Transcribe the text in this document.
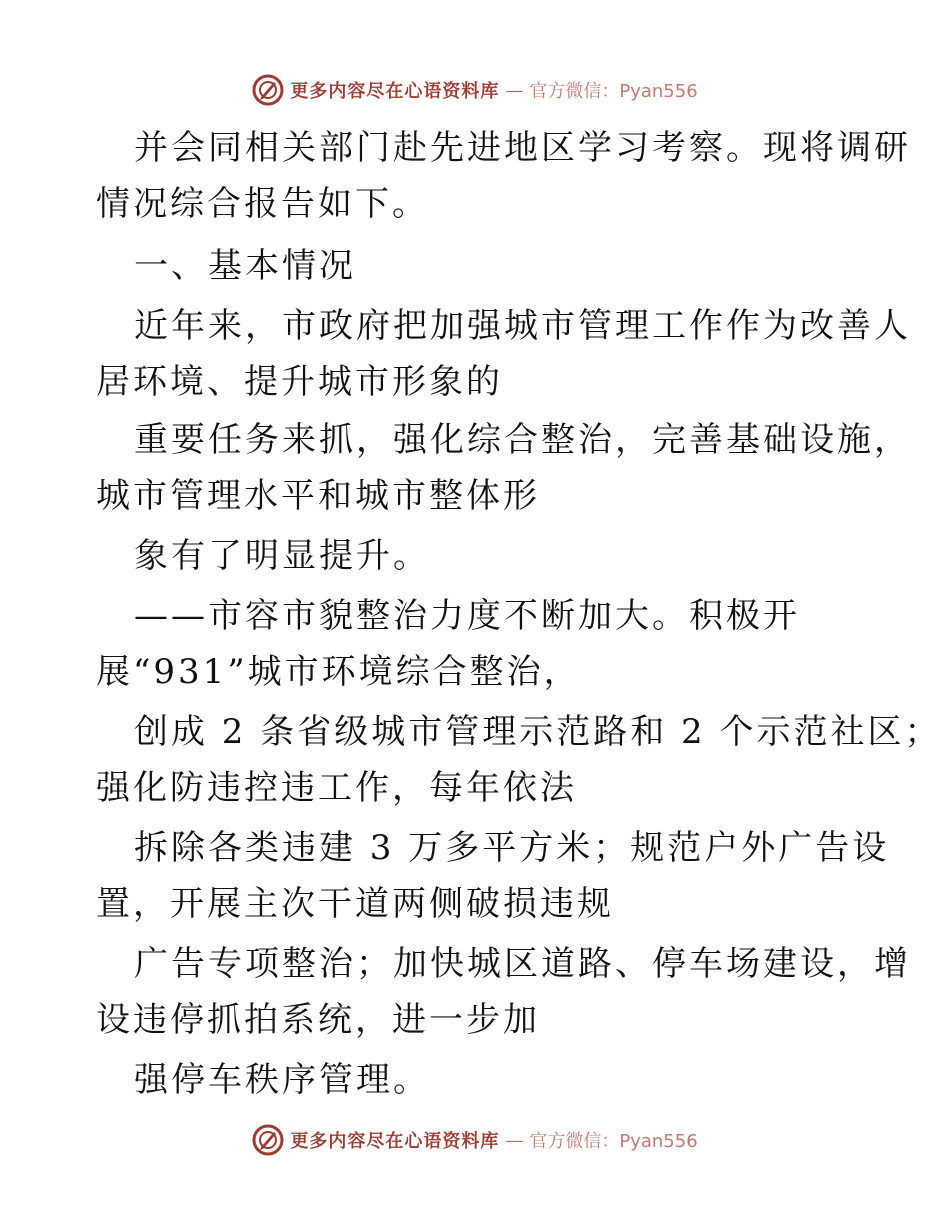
更多内容尽在心语资料库 — 官方微信：Pyan556
并会同相关部门赴先进地区学习考察。现将调研
情况综合报告如下。
一、基本情况
近年来，市政府把加强城市管理工作作为改善人
居环境、提升城市形象的
重要任务来抓，强化综合整治，完善基础设施，
城市管理水平和城市整体形
象有了明显提升。
——市容市貌整治力度不断加大。积极开
展“931”城市环境综合整治，
创成 2 条省级城市管理示范路和 2 个示范社区；
强化防违控违工作，每年依法
拆除各类违建 3 万多平方米；规范户外广告设
置，开展主次干道两侧破损违规
广告专项整治；加快城区道路、停车场建设，增
设违停抓拍系统，进一步加
强停车秩序管理。
更多内容尽在心语资料库 — 官方微信：Pyan556
